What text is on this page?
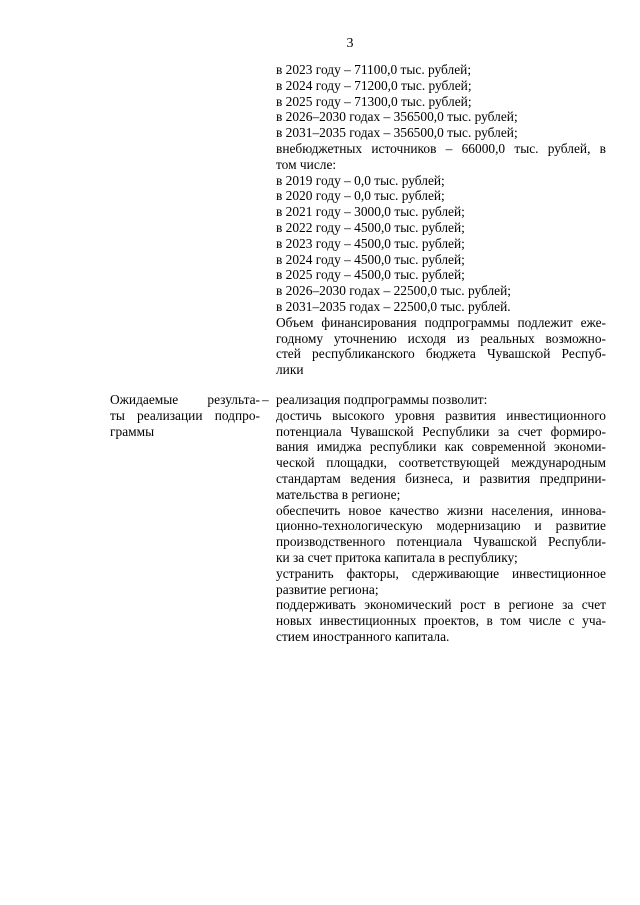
3
в 2023 году – 71100,0 тыс. рублей;
в 2024 году – 71200,0 тыс. рублей;
в 2025 году – 71300,0 тыс. рублей;
в 2026–2030 годах – 356500,0 тыс. рублей;
в 2031–2035 годах – 356500,0 тыс. рублей;
внебюджетных источников – 66000,0 тыс. рублей, в
том числе:
в 2019 году – 0,0 тыс. рублей;
в 2020 году – 0,0 тыс. рублей;
в 2021 году – 3000,0 тыс. рублей;
в 2022 году – 4500,0 тыс. рублей;
в 2023 году – 4500,0 тыс. рублей;
в 2024 году – 4500,0 тыс. рублей;
в 2025 году – 4500,0 тыс. рублей;
в 2026–2030 годах – 22500,0 тыс. рублей;
в 2031–2035 годах – 22500,0 тыс. рублей.
Объем финансирования подпрограммы подлежит еже-
годному уточнению исходя из реальных возможно-
стей республиканского бюджета Чувашской Респуб-
лики
Ожидаемые результа-
ты реализации подпро-
граммы
– реализация подпрограммы позволит:
достичь высокого уровня развития инвестиционного
потенциала Чувашской Республики за счет формиро-
вания имиджа республики как современной экономи-
ческой площадки, соответствующей международным
стандартам ведения бизнеса, и развития предприни-
мательства в регионе;
обеспечить новое качество жизни населения, иннова-
ционно-технологическую модернизацию и развитие
производственного потенциала Чувашской Республи-
ки за счет притока капитала в республику;
устранить факторы, сдерживающие инвестиционное
развитие региона;
поддерживать экономический рост в регионе за счет
новых инвестиционных проектов, в том числе с уча-
стием иностранного капитала.
